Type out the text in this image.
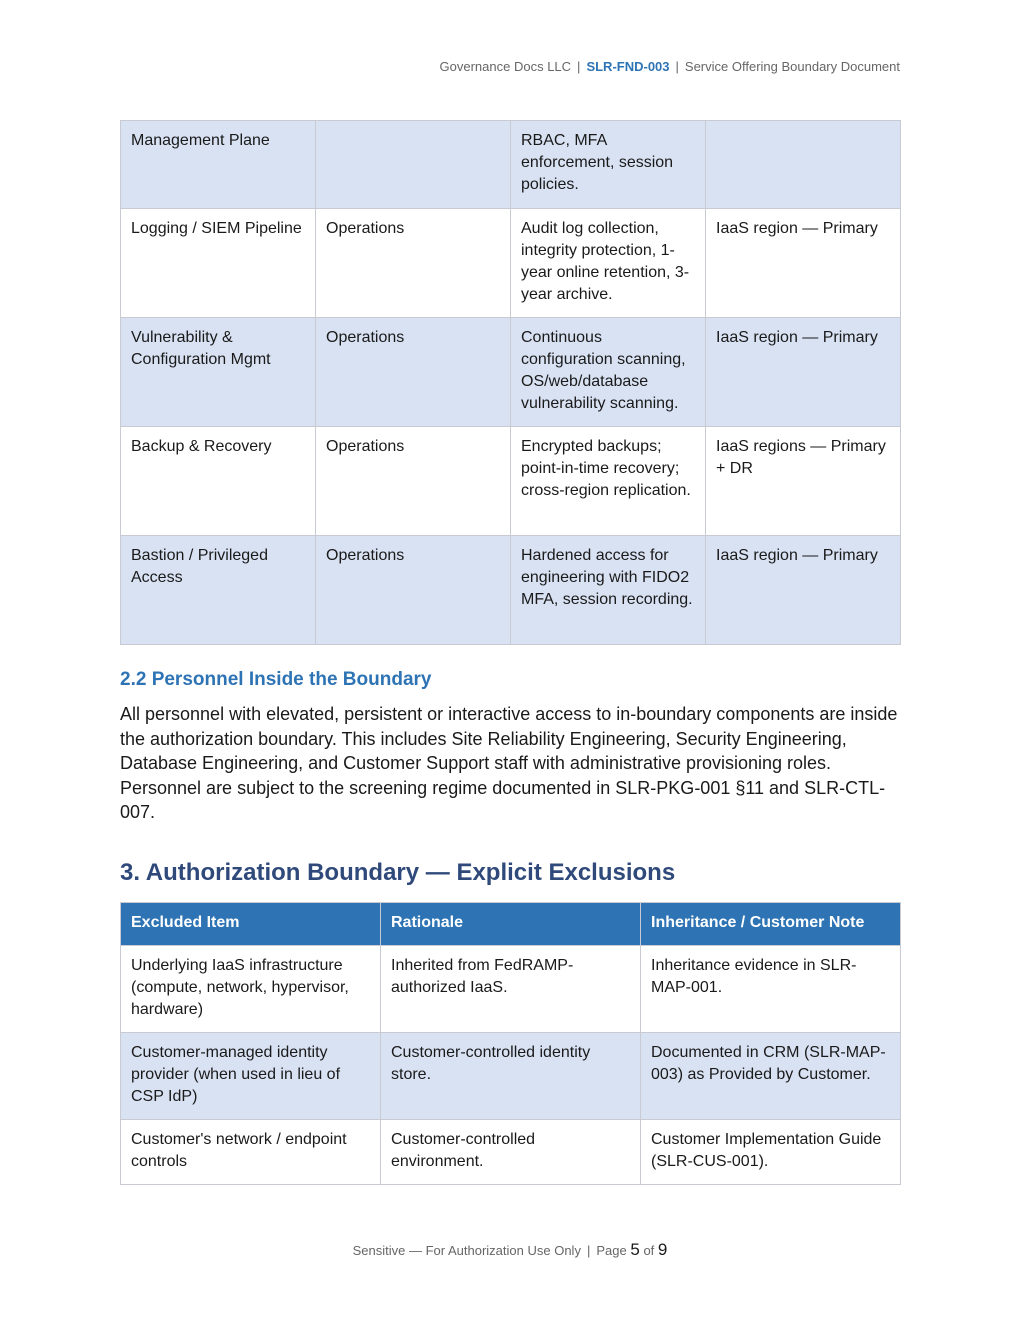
Governance Docs LLC | SLR-FND-003 | Service Offering Boundary Document
Management Plane		RBAC, MFA enforcement, session policies.	
Logging / SIEM Pipeline	Operations	Audit log collection, integrity protection, 1-year online retention, 3-year archive.	IaaS region — Primary
Vulnerability & Configuration Mgmt	Operations	Continuous configuration scanning, OS/web/database vulnerability scanning.	IaaS region — Primary
Backup & Recovery	Operations	Encrypted backups; point-in-time recovery; cross-region replication.	IaaS regions — Primary + DR
Bastion / Privileged Access	Operations	Hardened access for engineering with FIDO2 MFA, session recording.	IaaS region — Primary
2.2 Personnel Inside the Boundary

All personnel with elevated, persistent or interactive access to in-boundary components are inside the authorization boundary. This includes Site Reliability Engineering, Security Engineering, Database Engineering, and Customer Support staff with administrative provisioning roles. Personnel are subject to the screening regime documented in SLR-PKG-001 §11 and SLR-CTL-007.

3. Authorization Boundary — Explicit Exclusions
Excluded Item	Rationale	Inheritance / Customer Note
Underlying IaaS infrastructure (compute, network, hypervisor, hardware)	Inherited from FedRAMP-authorized IaaS.	Inheritance evidence in SLR-MAP-001.
Customer-managed identity provider (when used in lieu of CSP IdP)	Customer-controlled identity store.	Documented in CRM (SLR-MAP-003) as Provided by Customer.
Customer's network / endpoint controls	Customer-controlled environment.	Customer Implementation Guide (SLR-CUS-001).
Sensitive — For Authorization Use Only | Page 5 of 9
